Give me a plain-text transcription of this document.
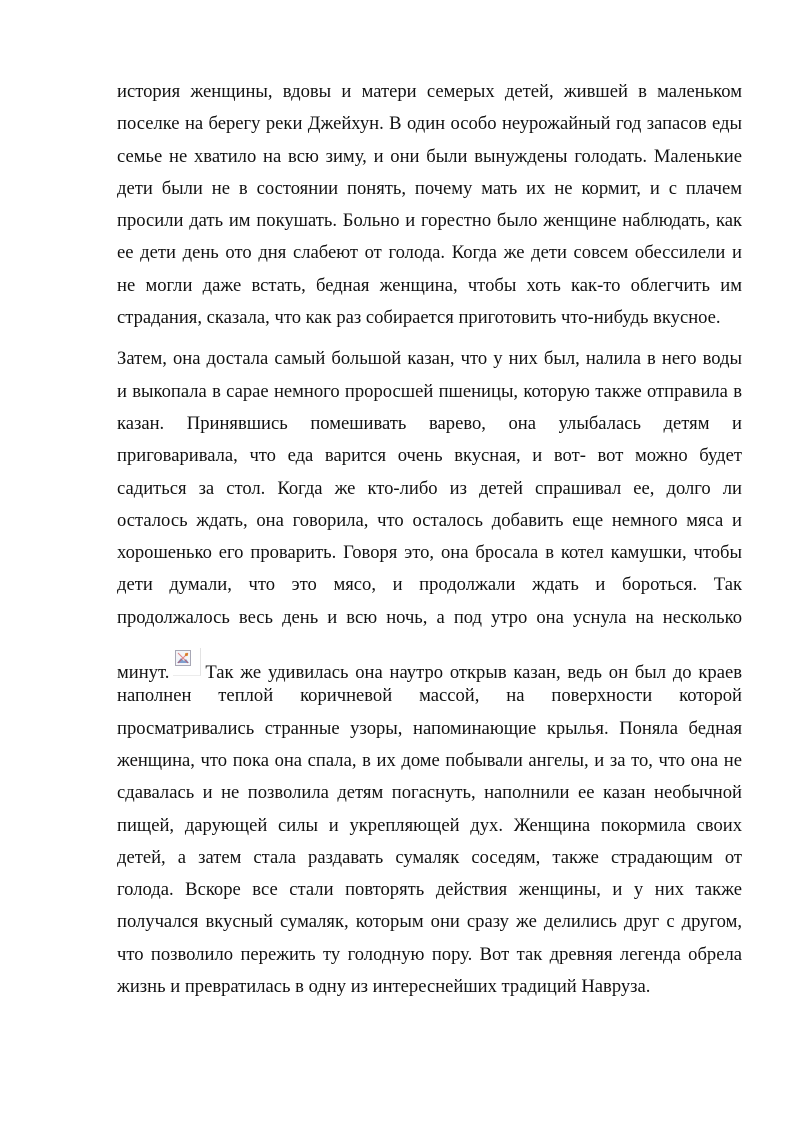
история женщины, вдовы и матери семерых детей, жившей в маленьком
поселке на берегу реки Джейхун. В один особо неурожайный год запасов еды
семье не хватило на всю зиму, и они были вынуждены голодать. Маленькие
дети были не в состоянии понять, почему мать их не кормит, и с плачем
просили дать им покушать. Больно и горестно было женщине наблюдать, как
ее дети день ото дня слабеют от голода. Когда же дети совсем обессилели и
не могли даже встать, бедная женщина, чтобы хоть как-то облегчить им
страдания, сказала, что как раз собирается приготовить что-нибудь вкусное.

Затем, она достала самый большой казан, что у них был, налила в него воды
и выкопала в сарае немного проросшей пшеницы, которую также отправила в
казан. Принявшись помешивать варево, она улыбалась детям и
приговаривала, что еда варится очень вкусная, и вот- вот можно будет
садиться за стол. Когда же кто-либо из детей спрашивал ее, долго ли
осталось ждать, она говорила, что осталось добавить еще немного мяса и
хорошенько его проварить. Говоря это, она бросала в котел камушки, чтобы
дети думали, что это мясо, и продолжали ждать и бороться. Так
продолжалось весь день и всю ночь, а под утро она уснула на несколько
минут. Так же удивилась она наутро открыв казан, ведь он был до краев
наполнен теплой коричневой массой, на поверхности которой
просматривались странные узоры, напоминающие крылья. Поняла бедная
женщина, что пока она спала, в их доме побывали ангелы, и за то, что она не
сдавалась и не позволила детям погаснуть, наполнили ее казан необычной
пищей, дарующей силы и укрепляющей дух. Женщина покормила своих
детей, а затем стала раздавать сумаляк соседям, также страдающим от
голода. Вскоре все стали повторять действия женщины, и у них также
получался вкусный сумаляк, которым они сразу же делились друг с другом,
что позволило пережить ту голодную пору. Вот так древняя легенда обрела
жизнь и превратилась в одну из интереснейших традиций Навруза.
